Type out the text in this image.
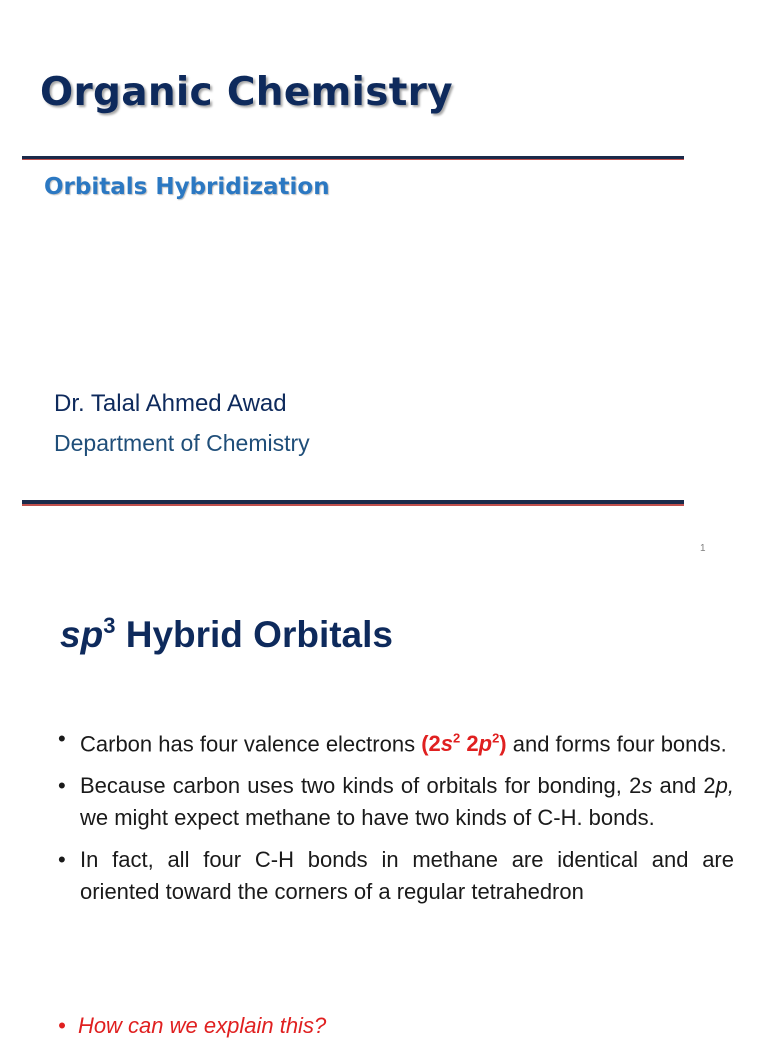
Organic Chemistry
Orbitals Hybridization
Dr. Talal Ahmed Awad
Department of Chemistry
1
$sp^3$ Hybrid Orbitals
• Carbon has four valence electrons ($2s^2$ $2p^2$) and forms four bonds.
• Because carbon uses two kinds of orbitals for bonding, 2s and 2p, we might expect methane to have two kinds of C-H. bonds.
• In fact, all four C-H bonds in methane are identical and are oriented toward the corners of a regular tetrahedron
• How can we explain this?
